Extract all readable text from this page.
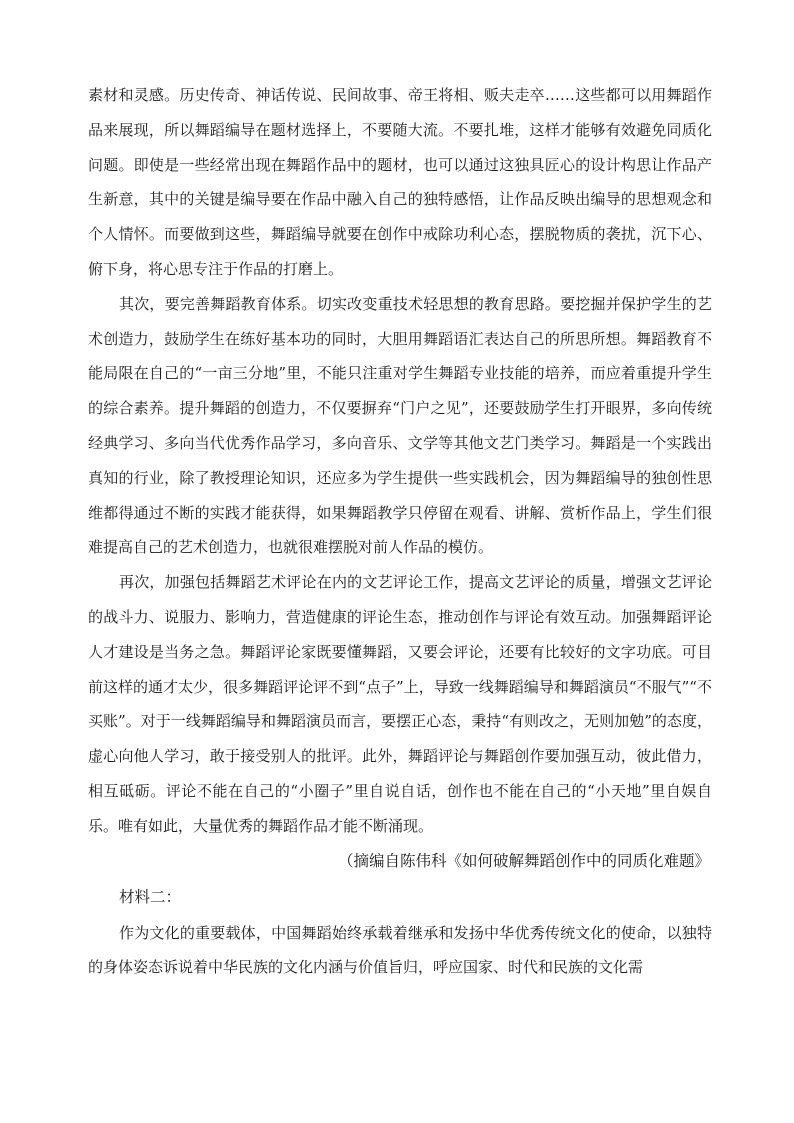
素材和灵感。历史传奇、神话传说、民间故事、帝王将相、贩夫走卒……这些都可以用舞蹈作品来展现，所以舞蹈编导在题材选择上，不要随大流。不要扎堆，这样才能够有效避免同质化问题。即使是一些经常出现在舞蹈作品中的题材，也可以通过这独具匠心的设计构思让作品产生新意，其中的关键是编导要在作品中融入自己的独特感悟，让作品反映出编导的思想观念和个人情怀。而要做到这些，舞蹈编导就要在创作中戒除功利心态，摆脱物质的袭扰，沉下心、俯下身，将心思专注于作品的打磨上。

其次，要完善舞蹈教育体系。切实改变重技术轻思想的教育思路。要挖掘并保护学生的艺术创造力，鼓励学生在练好基本功的同时，大胆用舞蹈语汇表达自己的所思所想。舞蹈教育不能局限在自己的“一亩三分地”里，不能只注重对学生舞蹈专业技能的培养，而应着重提升学生的综合素养。提升舞蹈的创造力，不仅要摒弃“门户之见”，还要鼓励学生打开眼界，多向传统经典学习、多向当代优秀作品学习，多向音乐、文学等其他文艺门类学习。舞蹈是一个实践出真知的行业，除了教授理论知识，还应多为学生提供一些实践机会，因为舞蹈编导的独创性思维都得通过不断的实践才能获得，如果舞蹈教学只停留在观看、讲解、赏析作品上，学生们很难提高自己的艺术创造力，也就很难摆脱对前人作品的模仿。

再次，加强包括舞蹈艺术评论在内的文艺评论工作，提高文艺评论的质量，增强文艺评论的战斗力、说服力、影响力，营造健康的评论生态，推动创作与评论有效互动。加强舞蹈评论人才建设是当务之急。舞蹈评论家既要懂舞蹈，又要会评论，还要有比较好的文字功底。可目前这样的通才太少，很多舞蹈评论评不到“点子”上，导致一线舞蹈编导和舞蹈演员“不服气”“不买账”。对于一线舞蹈编导和舞蹈演员而言，要摆正心态，秉持“有则改之，无则加勉”的态度，虚心向他人学习，敢于接受别人的批评。此外，舞蹈评论与舞蹈创作要加强互动，彼此借力，相互砥砺。评论不能在自己的“小圈子”里自说自话，创作也不能在自己的“小天地”里自娱自乐。唯有如此，大量优秀的舞蹈作品才能不断涌现。

（摘编自陈伟科《如何破解舞蹈创作中的同质化难题》

材料二：

作为文化的重要载体，中国舞蹈始终承载着继承和发扬中华优秀传统文化的使命，以独特的身体姿态诉说着中华民族的文化内涵与价值旨归，呼应国家、时代和民族的文化需
